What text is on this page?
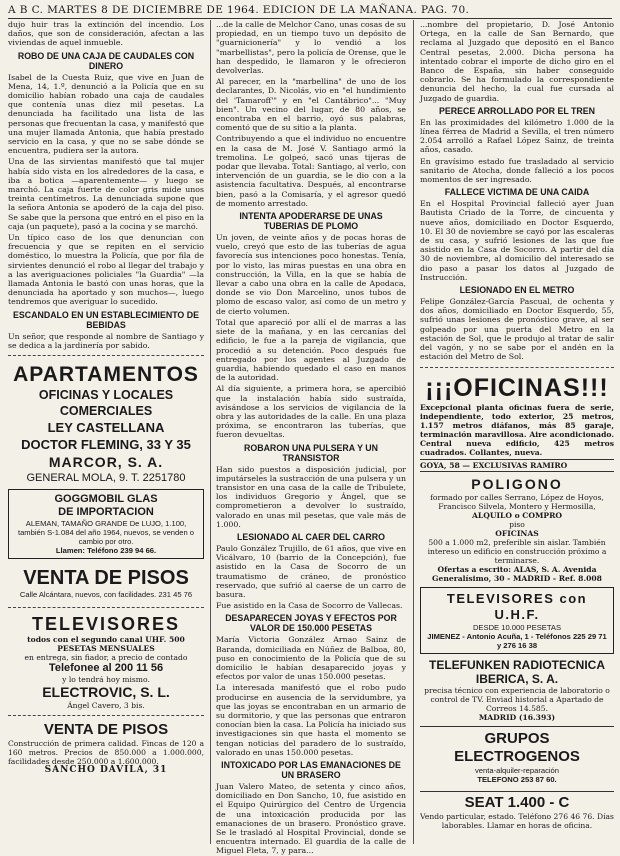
A B C. MARTES 8 DE DICIEMBRE DE 1964. EDICION DE LA MAÑANA. PAG. 70.

dujo huir tras la extinción del incendio. Los daños, que son de consideración, afectan a las viviendas de aquel inmueble.

ROBO DE UNA CAJA DE CAUDALES CON DINERO

Isabel de la Cuesta Ruiz, que vive en Juan de Mena, 14, 1.º, denunció a la Policía que en su domicilio habían robado una caja de caudales que contenía unas diez mil pesetas. La denunciada ha facilitado una lista de las personas que frecuentan la casa, y manifestó que una mujer llamada Antonia, que había prestado servicio en la casa, y que no se sabe dónde se encuentra, pudiera ser la autora.

Una de las sirvientas manifestó que tal mujer había sido vista en los alrededores de la casa, e iba a botica —aparentemente— y luego se marchó. La caja fuerte de color gris mide unos treinta centímetros. La denunciada supone que la señora Antonia se apoderó de la caja del piso. Se sabe que la persona que entró en el piso en la caja (un paquete), pasó a la cocina y se marchó.

Un típico caso de los que denuncian con frecuencia y que se repiten en el servicio doméstico, lo muestra la Policía, que por fila de sirvientes denunció el robo al llegar del trabajo y a las averiguaciones policiales "la Guardia" —la llamada Antonia le bastó con unas horas, que la denunciada ha aportado y son muchos—, luego tendremos que averiguar lo sucedido.

ESCANDALO EN UN ESTABLECIMIENTO DE BEBIDAS

Un señor, que responde al nombre de Santiago y se dedica a la jardinería por sabido.

APARTAMENTOS
OFICINAS Y LOCALES
COMERCIALES
LEY CASTELLANA
DOCTOR FLEMING, 33 Y 35
MARCOR, S. A.
GENERAL MOLA, 9. T. 2251780
GOGGMOBIL GLAS
DE IMPORTACION
ALEMAN, TAMAÑO GRANDE De LUJO, 1.100, también S-1.084 del año 1964, nuevos, se venden o cambio por otro.
Llamen: Teléfono 239 94 66.
VENTA DE PISOS
Calle Alcántara, nuevos, con facilidades. 231 45 76
TELEVISORES
todos con el segundo canal UHF. 500 PESETAS MENSUALES
en entrega, sin fiador, a precio de contado
Telefonee al 200 11 56
y lo tendrá hoy mismo.
ELECTROVIC, S. L.
Ángel Cavero, 3 bis.
VENTA DE PISOS
Construcción de primera calidad. Fincas de 120 a 160 metros. Precios de 850.000 a 1.000.000, facilidades desde 250.000 a 1.600.000.
SANCHO DAVILA, 31

...de la calle de Melchor Cano, unas cosas de su propiedad, en un tiempo tuvo un depósito de "guarnicionería" y lo vendió a los "marbellistas", pero la policía de Orense, que le han despedido, le llamaron y le ofrecieron devolverlas.

Al parecer, en la "marbellina" de uno de los declarantes, D. Nicolás, vio en "el hundimiento del 'Tamaroff'" y en "el Cantábrico"... "Muy bien". Un vecino del lugar, de 80 años, se encontraba en el barrio, oyó sus palabras, comentó que de su sitio a la planta.

Contribuyendo a que el individuo no encuentre en la casa de M. José V. Santiago armó la tremolina. Le golpeó, sacó unas tijeras de podar que llevaba. Total: Santiago, al verlo, con intervención de un guardia, se le dio con a la asistencia facultativa. Después, al encontrarse bien, pasó a la Comisaría, y el agresor quedó de momento arrestado.

INTENTA APODERARSE DE UNAS TUBERIAS DE PLOMO

Un joven, de veinte años y de pocas horas de vuelo, creyó que esto de las tuberías de agua favorecía sus intenciones poco honestas. Tenía, por lo visto, las miras puestas en una obra en construcción, la Villa, en la que se había de llevar a cabo una obra en la calle de Apodaca, donde se vio Don Marcelino, unos tubos de plomo de escaso valor, así como de un metro y de cierto volumen.

Total que apareció por allí el de marras a las siete de la mañana, y en las cercanías del edificio, le fue a la pareja de vigilancia, que procedió a su detención. Poco después fue entregado por los agentes al Juzgado de guardia, habiendo quedado el caso en manos de la autoridad.

Al día siguiente, a primera hora, se apercibió que la instalación había sido sustraída, avisándose a los servicios de vigilancia de la obra y las autoridades de la calle. En una plaza próxima, se encontraron las tuberías, que fueron devueltas.

ROBARON UNA PULSERA Y UN TRANSISTOR

Han sido puestos a disposición judicial, por imputárseles la sustracción de una pulsera y un transistor en una casa de la calle de Tribulete, los individuos Gregorio y Ángel, que se comprometieron a devolver lo sustraído, valorado en unas mil pesetas, que vale más de 1.000.

LESIONADO AL CAER DEL CARRO

Paulo González Trujillo, de 61 años, que vive en Vicálvaro, 10 (barrio de la Concepción), fue asistido en la Casa de Socorro de un traumatismo de cráneo, de pronóstico reservado, que sufrió al caerse de un carro de basura.

Fue asistido en la Casa de Socorro de Vallecas.

DESAPARECEN JOYAS Y EFECTOS POR VALOR DE 150.000 PESETAS

María Victoria González Arnao Sainz de Baranda, domiciliada en Núñez de Balboa, 80, puso en conocimiento de la Policía que de su domicilio le habían desaparecido joyas y efectos por valor de unas 150.000 pesetas.

La interesada manifestó que el robo pudo producirse en ausencia de la servidumbre, ya que las joyas se encontraban en un armario de su dormitorio, y que las personas que entraron conocían bien la casa. La Policía ha iniciado sus investigaciones sin que hasta el momento se tengan noticias del paradero de lo sustraído, valorado en unas 150.000 pesetas.

INTOXICADO POR LAS EMANACIONES DE UN BRASERO

Juan Valero Mateo, de setenta y cinco años, domiciliado en Don Sancho, 10, fue asistido en el Equipo Quirúrgico del Centro de Urgencia de una intoxicación producida por las emanaciones de un brasero. Pronóstico grave. Se le trasladó al Hospital Provincial, donde se encuentra internado. El guardia de la calle de Miguel Fleta, 7, y para...

...nombre del propietario, D. José Antonio Ortega, en la calle de San Bernardo, que reclama al Juzgado que depositó en el Banco Central pesetas, 2.000. Dicha persona ha intentado cobrar el importe de dicho giro en el Banco de España, sin haber conseguido cobrarlo. Se ha formulado la correspondiente denuncia del hecho, la cual fue cursada al Juzgado de guardia.

PERECE ARROLLADO POR EL TREN

En las proximidades del kilómetro 1.000 de la línea férrea de Madrid a Sevilla, el tren número 2.054 arrolló a Rafael López Sainz, de treinta años, casado.

En gravísimo estado fue trasladado al servicio sanitario de Atocha, donde falleció a los pocos momentos de ser ingresado.

FALLECE VICTIMA DE UNA CAIDA

En el Hospital Provincial falleció ayer Juan Bautista Criado de la Torre, de cincuenta y nueve años, domiciliado en Doctor Esquerdo, 10. El 30 de noviembre se cayó por las escaleras de su casa, y sufrió lesiones de las que fue asistido en la Casa de Socorro. A partir del día 30 de noviembre, al domicilio del interesado se dio paso a pasar los datos al Juzgado de Instrucción.

LESIONADO EN EL METRO

Felipe González-García Pascual, de ochenta y dos años, domiciliado en Doctor Esquerdo, 55, sufrió unas lesiones de pronóstico grave, al ser golpeado por una puerta del Metro en la estación de Sol, que le produjo al tratar de salir del vagón, y no se sabe por el andén en la estación del Metro de Sol.

¡¡¡OFICINAS!!!
Excepcional planta oficinas fuera de serie, independiente, todo exterior, 25 metros, 1.157 metros diáfanos, más 85 garaje, terminación maravillosa. Aire acondicionado. Central nueva edificio, 425 metros cuadrados. Collantes, nueva.
GOYA, 58 — EXCLUSIVAS RAMIRO
POLIGONO
formado por calles Serrano, López de Hoyos, Francisco Silvela, Montero y Hermosilla,
ALQUILO o COMPRO
piso
OFICINAS
500 a 1.000 m2, preferible sin aislar. También intereso un edificio en construcción próximo a terminarse.
Ofertas a escrito: ALAS, S. A. Avenida Generalísimo, 30 - MADRID - Ref. 8.008
TELEVISORES con U.H.F.
DESDE 10.000 PESETAS
JIMENEZ - Antonio Acuña, 1 - Teléfonos 225 29 71 y 276 16 38
TELEFUNKEN RADIOTECNICA
IBERICA, S. A.
precisa técnico con experiencia de laboratorio o control de TV. Enviad historial a Apartado de Correos 14.585.
MADRID (16.393)
GRUPOS ELECTROGENOS
venta-alquiler-reparación
TELEFONO 253 87 60.
SEAT 1.400 - C
Vendo particular, estado. Teléfono 276 46 76. Días laborables. Llamar en horas de oficina.
